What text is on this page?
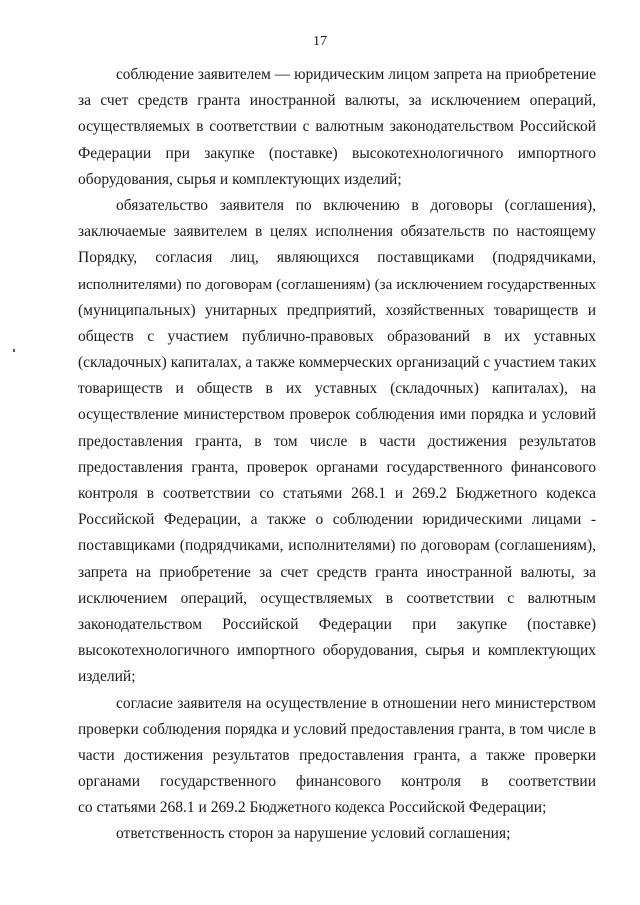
17
соблюдение заявителем — юридическим лицом запрета на приобретение
за счет средств гранта иностранной валюты, за исключением операций,
осуществляемых в соответствии с валютным законодательством Российской
Федерации при закупке (поставке) высокотехнологичного импортного
оборудования, сырья и комплектующих изделий;
обязательство заявителя по включению в договоры (соглашения),
заключаемые заявителем в целях исполнения обязательств по настоящему
Порядку, согласия лиц, являющихся поставщиками (подрядчиками,
исполнителями) по договорам (соглашениям) (за исключением государственных
(муниципальных) унитарных предприятий, хозяйственных товариществ и
обществ с участием публично-правовых образований в их уставных
(складочных) капиталах, а также коммерческих организаций с участием таких
товариществ и обществ в их уставных (складочных) капиталах), на
осуществление министерством проверок соблюдения ими порядка и условий
предоставления гранта, в том числе в части достижения результатов
предоставления гранта, проверок органами государственного финансового
контроля в соответствии со статьями 268.1 и 269.2 Бюджетного кодекса
Российской Федерации, а также о соблюдении юридическими лицами -
поставщиками (подрядчиками, исполнителями) по договорам (соглашениям),
запрета на приобретение за счет средств гранта иностранной валюты, за
исключением операций, осуществляемых в соответствии с валютным
законодательством Российской Федерации при закупке (поставке)
высокотехнологичного импортного оборудования, сырья и комплектующих
изделий;
согласие заявителя на осуществление в отношении него министерством
проверки соблюдения порядка и условий предоставления гранта, в том числе в
части достижения результатов предоставления гранта, а также проверки
органами государственного финансового контроля в соответствии
со статьями 268.1 и 269.2 Бюджетного кодекса Российской Федерации;
ответственность сторон за нарушение условий соглашения;
